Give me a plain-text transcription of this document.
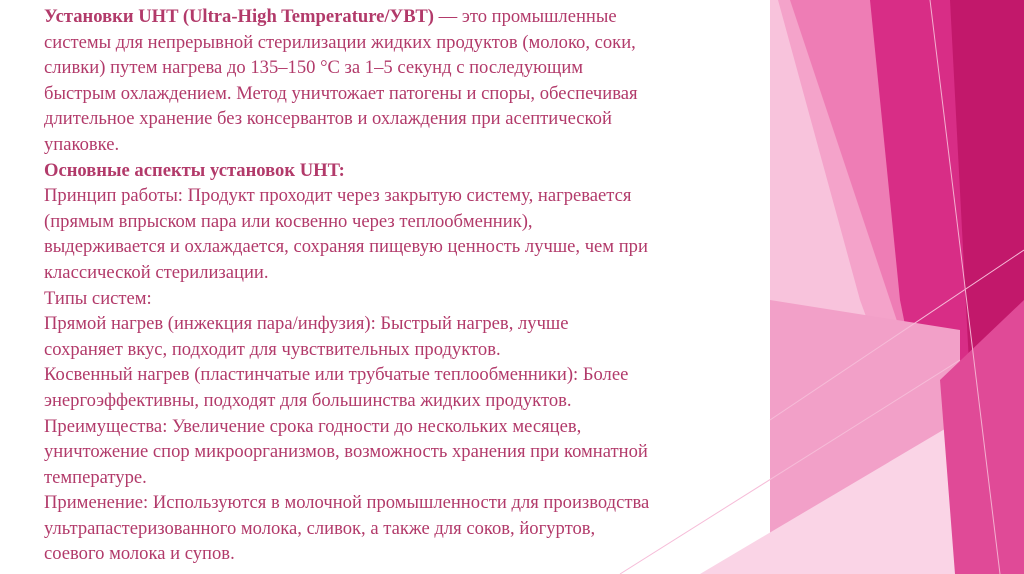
Установки UHT (Ultra-High Temperature/УВТ) — это промышленные

системы для непрерывной стерилизации жидких продуктов (молоко, соки,

сливки) путем нагрева до 135–150 °C за 1–5 секунд с последующим

быстрым охлаждением. Метод уничтожает патогены и споры, обеспечивая

длительное хранение без консервантов и охлаждения при асептической

упаковке.

Основные аспекты установок UHT:

Принцип работы: Продукт проходит через закрытую систему, нагревается

(прямым впрыском пара или косвенно через теплообменник),

выдерживается и охлаждается, сохраняя пищевую ценность лучше, чем при

классической стерилизации.

Типы систем:

Прямой нагрев (инжекция пара/инфузия): Быстрый нагрев, лучше

сохраняет вкус, подходит для чувствительных продуктов.

Косвенный нагрев (пластинчатые или трубчатые теплообменники): Более

энергоэффективны, подходят для большинства жидких продуктов.

Преимущества: Увеличение срока годности до нескольких месяцев,

уничтожение спор микроорганизмов, возможность хранения при комнатной

температуре.

Применение: Используются в молочной промышленности для производства

ультрапастеризованного молока, сливок, а также для соков, йогуртов,

соевого молока и супов.
